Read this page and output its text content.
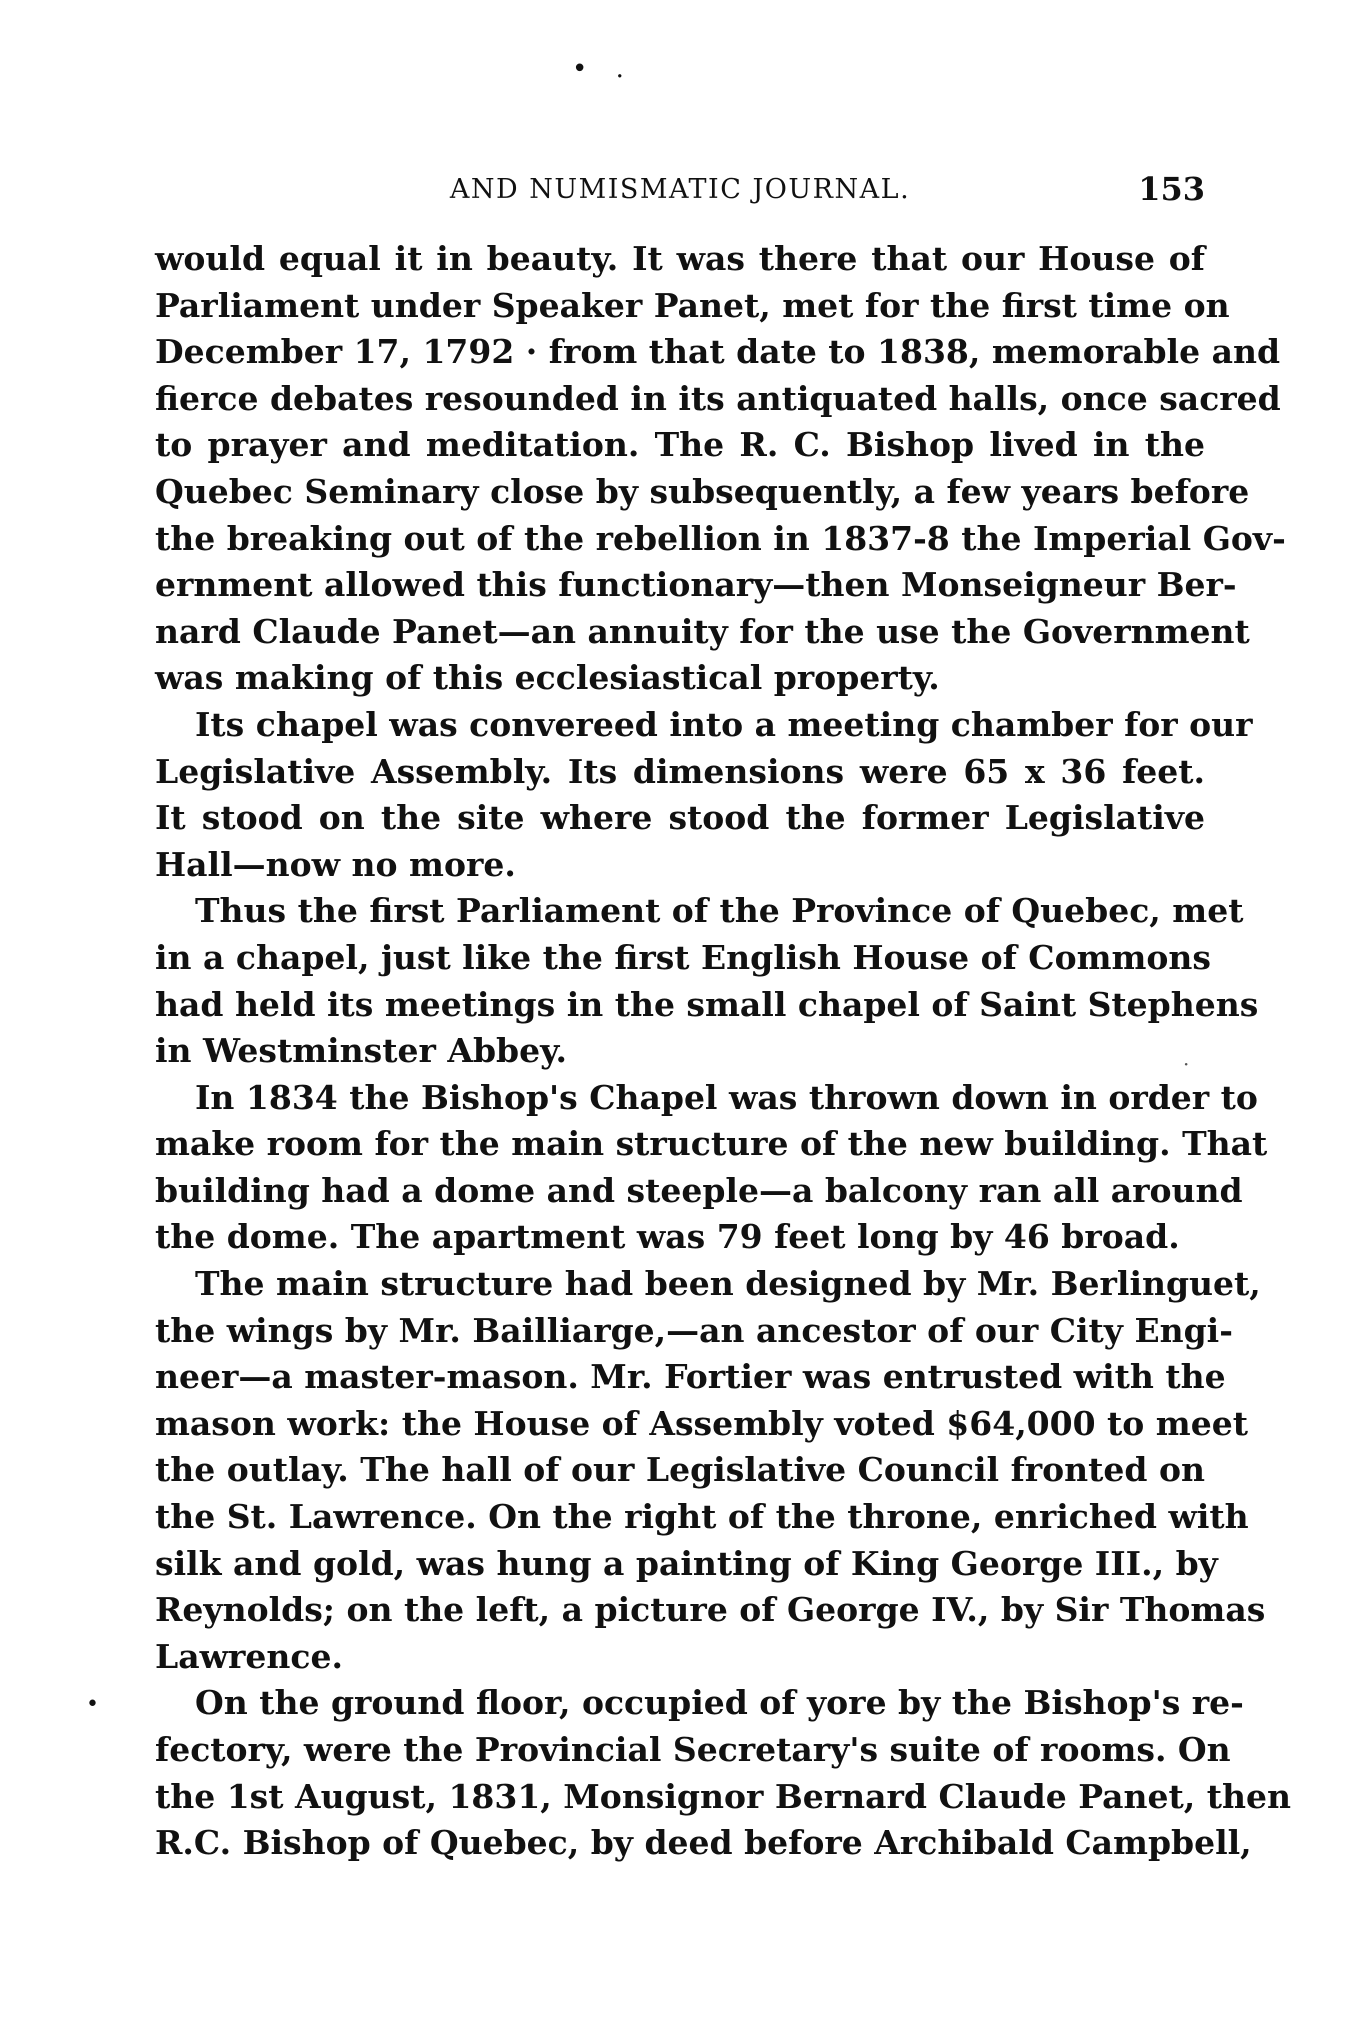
• .
AND NUMISMATIC JOURNAL.	153
would equal it in beauty. It was there that our House of
Parliament under Speaker Panet, met for the first time on
December 17, 1792 · from that date to 1838, memorable and
fierce debates resounded in its antiquated halls, once sacred
to prayer and meditation. The R. C. Bishop lived in the
Quebec Seminary close by subsequently, a few years before
the breaking out of the rebellion in 1837-8 the Imperial Gov-
ernment allowed this functionary—then Monseigneur Ber-
nard Claude Panet—an annuity for the use the Government
was making of this ecclesiastical property.
Its chapel was convereed into a meeting chamber for our
Legislative Assembly. Its dimensions were 65 x 36 feet.
It stood on the site where stood the former Legislative
Hall—now no more.
Thus the first Parliament of the Province of Quebec, met
in a chapel, just like the first English House of Commons
had held its meetings in the small chapel of Saint Stephens
in Westminster Abbey.
In 1834 the Bishop's Chapel was thrown down in order to
make room for the main structure of the new building. That
building had a dome and steeple—a balcony ran all around
the dome. The apartment was 79 feet long by 46 broad.
The main structure had been designed by Mr. Berlinguet,
the wings by Mr. Bailliarge,—an ancestor of our City Engi-
neer—a master-mason. Mr. Fortier was entrusted with the
mason work: the House of Assembly voted $64,000 to meet
the outlay. The hall of our Legislative Council fronted on
the St. Lawrence. On the right of the throne, enriched with
silk and gold, was hung a painting of King George III., by
Reynolds; on the left, a picture of George IV., by Sir Thomas
Lawrence.
On the ground floor, occupied of yore by the Bishop's re-
fectory, were the Provincial Secretary's suite of rooms. On
the 1st August, 1831, Monsignor Bernard Claude Panet, then
R.C. Bishop of Quebec, by deed before Archibald Campbell,
•
·
